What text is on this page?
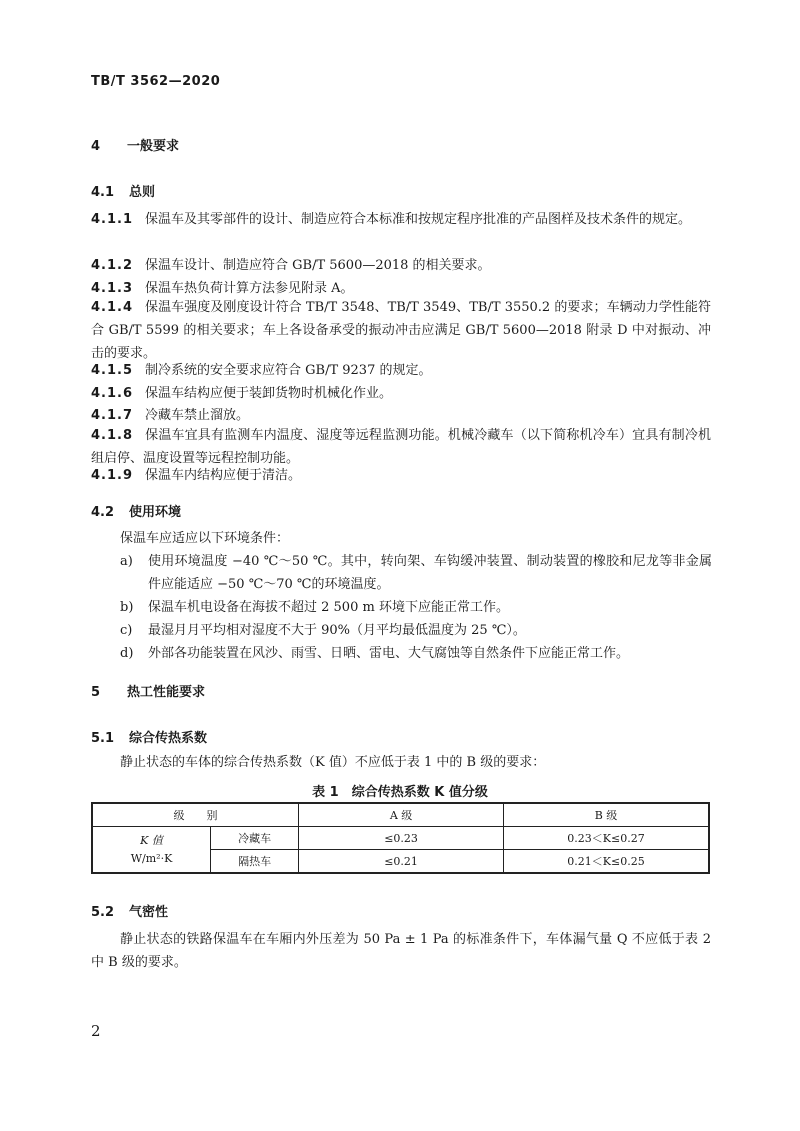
TB/T 3562—2020
4 一般要求
4.1 总则
4.1.1 保温车及其零部件的设计、制造应符合本标准和按规定程序批准的产品图样及技术条件的规定。
4.1.2 保温车设计、制造应符合 GB/T 5600—2018 的相关要求。
4.1.3 保温车热负荷计算方法参见附录 A。
4.1.4 保温车强度及刚度设计符合 TB/T 3548、TB/T 3549、TB/T 3550.2 的要求；车辆动力学性能符合 GB/T 5599 的相关要求；车上各设备承受的振动冲击应满足 GB/T 5600—2018 附录 D 中对振动、冲击的要求。
4.1.5 制冷系统的安全要求应符合 GB/T 9237 的规定。
4.1.6 保温车结构应便于装卸货物时机械化作业。
4.1.7 冷藏车禁止溜放。
4.1.8 保温车宜具有监测车内温度、湿度等远程监测功能。机械冷藏车（以下简称机冷车）宜具有制冷机组启停、温度设置等远程控制功能。
4.1.9 保温车内结构应便于清洁。
4.2 使用环境
保温车应适应以下环境条件：
a)	使用环境温度 −40 ℃～50 ℃。其中，转向架、车钩缓冲装置、制动装置的橡胶和尼龙等非金属件应能适应 −50 ℃～70 ℃的环境温度。
b)	保温车机电设备在海拔不超过 2 500 m 环境下应能正常工作。
c)	最湿月月平均相对湿度不大于 90%（月平均最低温度为 25 ℃）。
d)	外部各功能装置在风沙、雨雪、日晒、雷电、大气腐蚀等自然条件下应能正常工作。
5 热工性能要求
5.1 综合传热系数
静止状态的车体的综合传热系数（K 值）不应低于表 1 中的 B 级的要求：
表 1　综合传热系数 K 值分级
级　　别		A 级	B 级

K 值
W/m²·K	冷藏车	≤0.23	0.23＜K≤0.27
	隔热车	≤0.21	0.21＜K≤0.25
5.2 气密性
静止状态的铁路保温车在车厢内外压差为 50 Pa ± 1 Pa 的标准条件下，车体漏气量 Q 不应低于表 2 中 B 级的要求。
2
